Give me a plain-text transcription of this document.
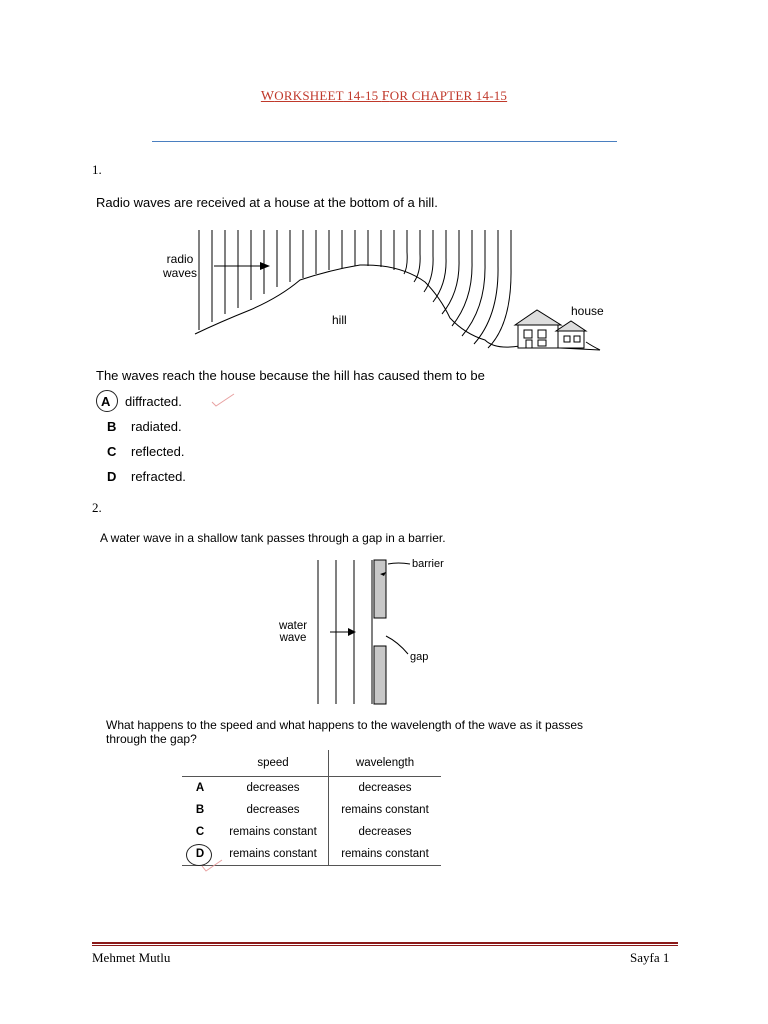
WORKSHEET 14-15 FOR CHAPTER 14-15
1.
Radio waves are received at a house at the bottom of a hill.
radio
waves
hill
house
The waves reach the house because the hill has caused them to be
A diffracted.
B radiated.
C reflected.
D refracted.
2.
A water wave in a shallow tank passes through a gap in a barrier.
barrier
water
wave
gap
What happens to the speed and what happens to the wavelength of the wave as it passes
through the gap?
	speed	wavelength
A	decreases	decreases
B	decreases	remains constant
C	remains constant	decreases
D	remains constant	remains constant
Mehmet Mutlu	Sayfa 1
